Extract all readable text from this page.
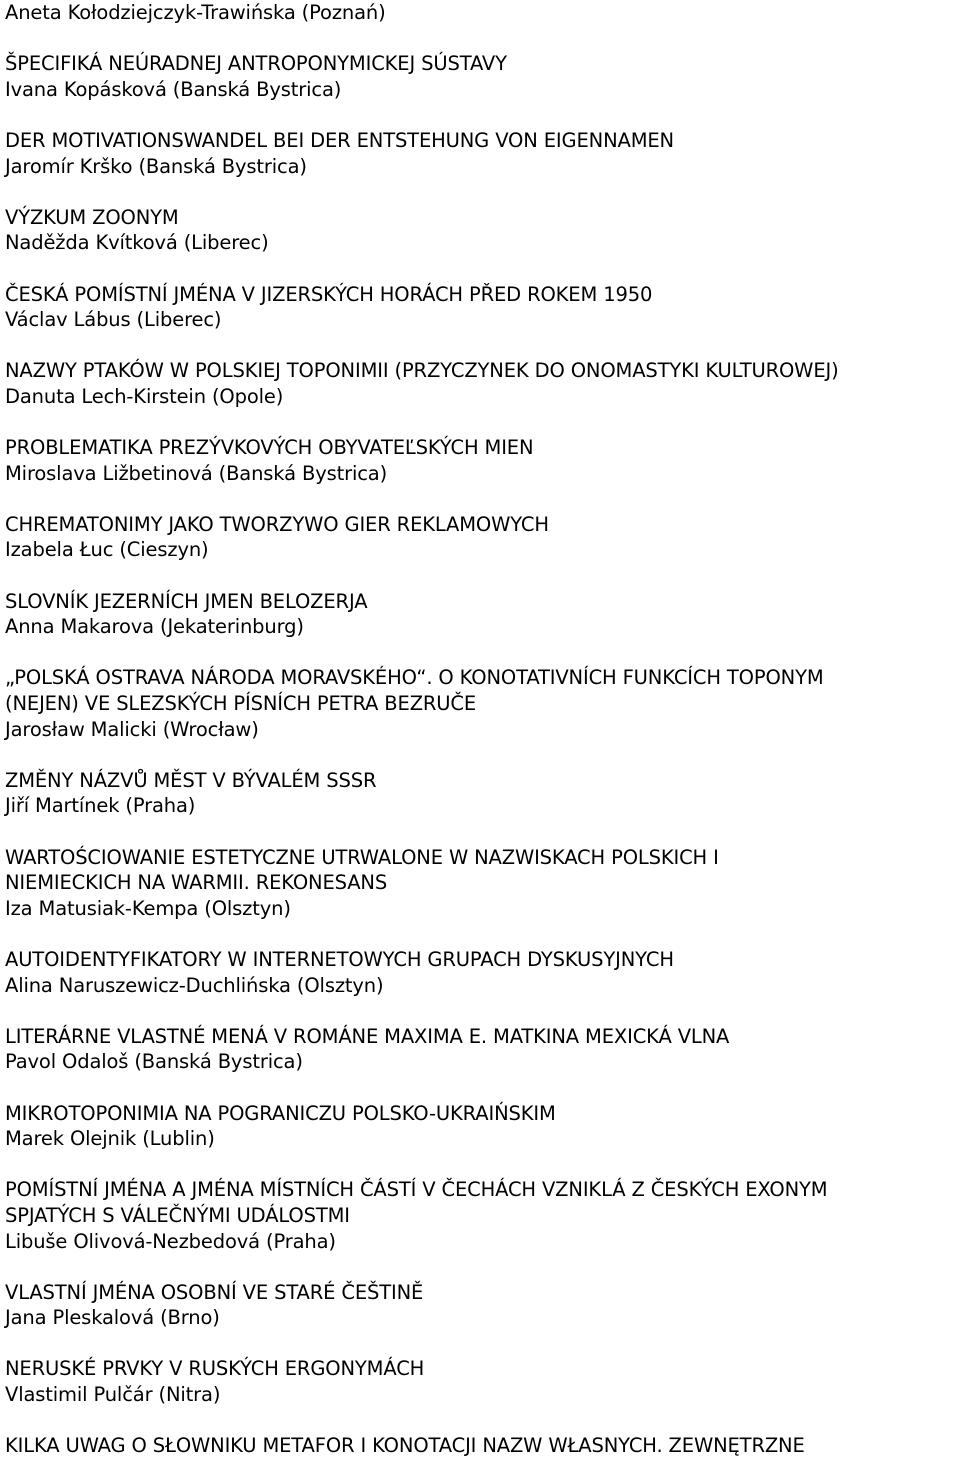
Aneta Kołodziejczyk-Trawińska (Poznań)
ŠPECIFIKÁ NEÚRADNEJ ANTROPONYMICKEJ SÚSTAVY
Ivana Kopásková (Banská Bystrica)
DER MOTIVATIONSWANDEL BEI DER ENTSTEHUNG VON EIGENNAMEN
Jaromír Krško (Banská Bystrica)
VÝZKUM ZOONYM
Naděžda Kvítková (Liberec)
ČESKÁ POMÍSTNÍ JMÉNA V JIZERSKÝCH HORÁCH PŘED ROKEM 1950
Václav Lábus (Liberec)
NAZWY PTAKÓW W POLSKIEJ TOPONIMII (PRZYCZYNEK DO ONOMASTYKI KULTUROWEJ)
Danuta Lech-Kirstein (Opole)
PROBLEMATIKA PREZÝVKOVÝCH OBYVATEĽSKÝCH MIEN
Miroslava Ližbetinová (Banská Bystrica)
CHREMATONIMY JAKO TWORZYWO GIER REKLAMOWYCH
Izabela Łuc (Cieszyn)
SLOVNÍK JEZERNÍCH JMEN BELOZERJA
Anna Makarova (Jekaterinburg)
„POLSKÁ OSTRAVA NÁRODA MORAVSKÉHO“. O KONOTATIVNÍCH FUNKCÍCH TOPONYM
(NEJEN) VE SLEZSKÝCH PÍSNÍCH PETRA BEZRUČE
Jarosław Malicki (Wrocław)
ZMĚNY NÁZVŮ MĚST V BÝVALÉM SSSR
Jiří Martínek (Praha)
WARTOŚCIOWANIE ESTETYCZNE UTRWALONE W NAZWISKACH POLSKICH I
NIEMIECKICH NA WARMII. REKONESANS
Iza Matusiak-Kempa (Olsztyn)
AUTOIDENTYFIKATORY W INTERNETOWYCH GRUPACH DYSKUSYJNYCH
Alina Naruszewicz-Duchlińska (Olsztyn)
LITERÁRNE VLASTNÉ MENÁ V ROMÁNE MAXIMA E. MATKINA MEXICKÁ VLNA
Pavol Odaloš (Banská Bystrica)
MIKROTOPONIMIA NA POGRANICZU POLSKO-UKRAIŃSKIM
Marek Olejnik (Lublin)
POMÍSTNÍ JMÉNA A JMÉNA MÍSTNÍCH ČÁSTÍ V ČECHÁCH VZNIKLÁ Z ČESKÝCH EXONYM
SPJATÝCH S VÁLEČNÝMI UDÁLOSTMI
Libuše Olivová-Nezbedová (Praha)
VLASTNÍ JMÉNA OSOBNÍ VE STARÉ ČEŠTINĚ
Jana Pleskalová (Brno)
NERUSKÉ PRVKY V RUSKÝCH ERGONYMÁCH
Vlastimil Pulčár (Nitra)
KILKA UWAG O SŁOWNIKU METAFOR I KONOTACJI NAZW WŁASNYCH. ZEWNĘTRZNE
